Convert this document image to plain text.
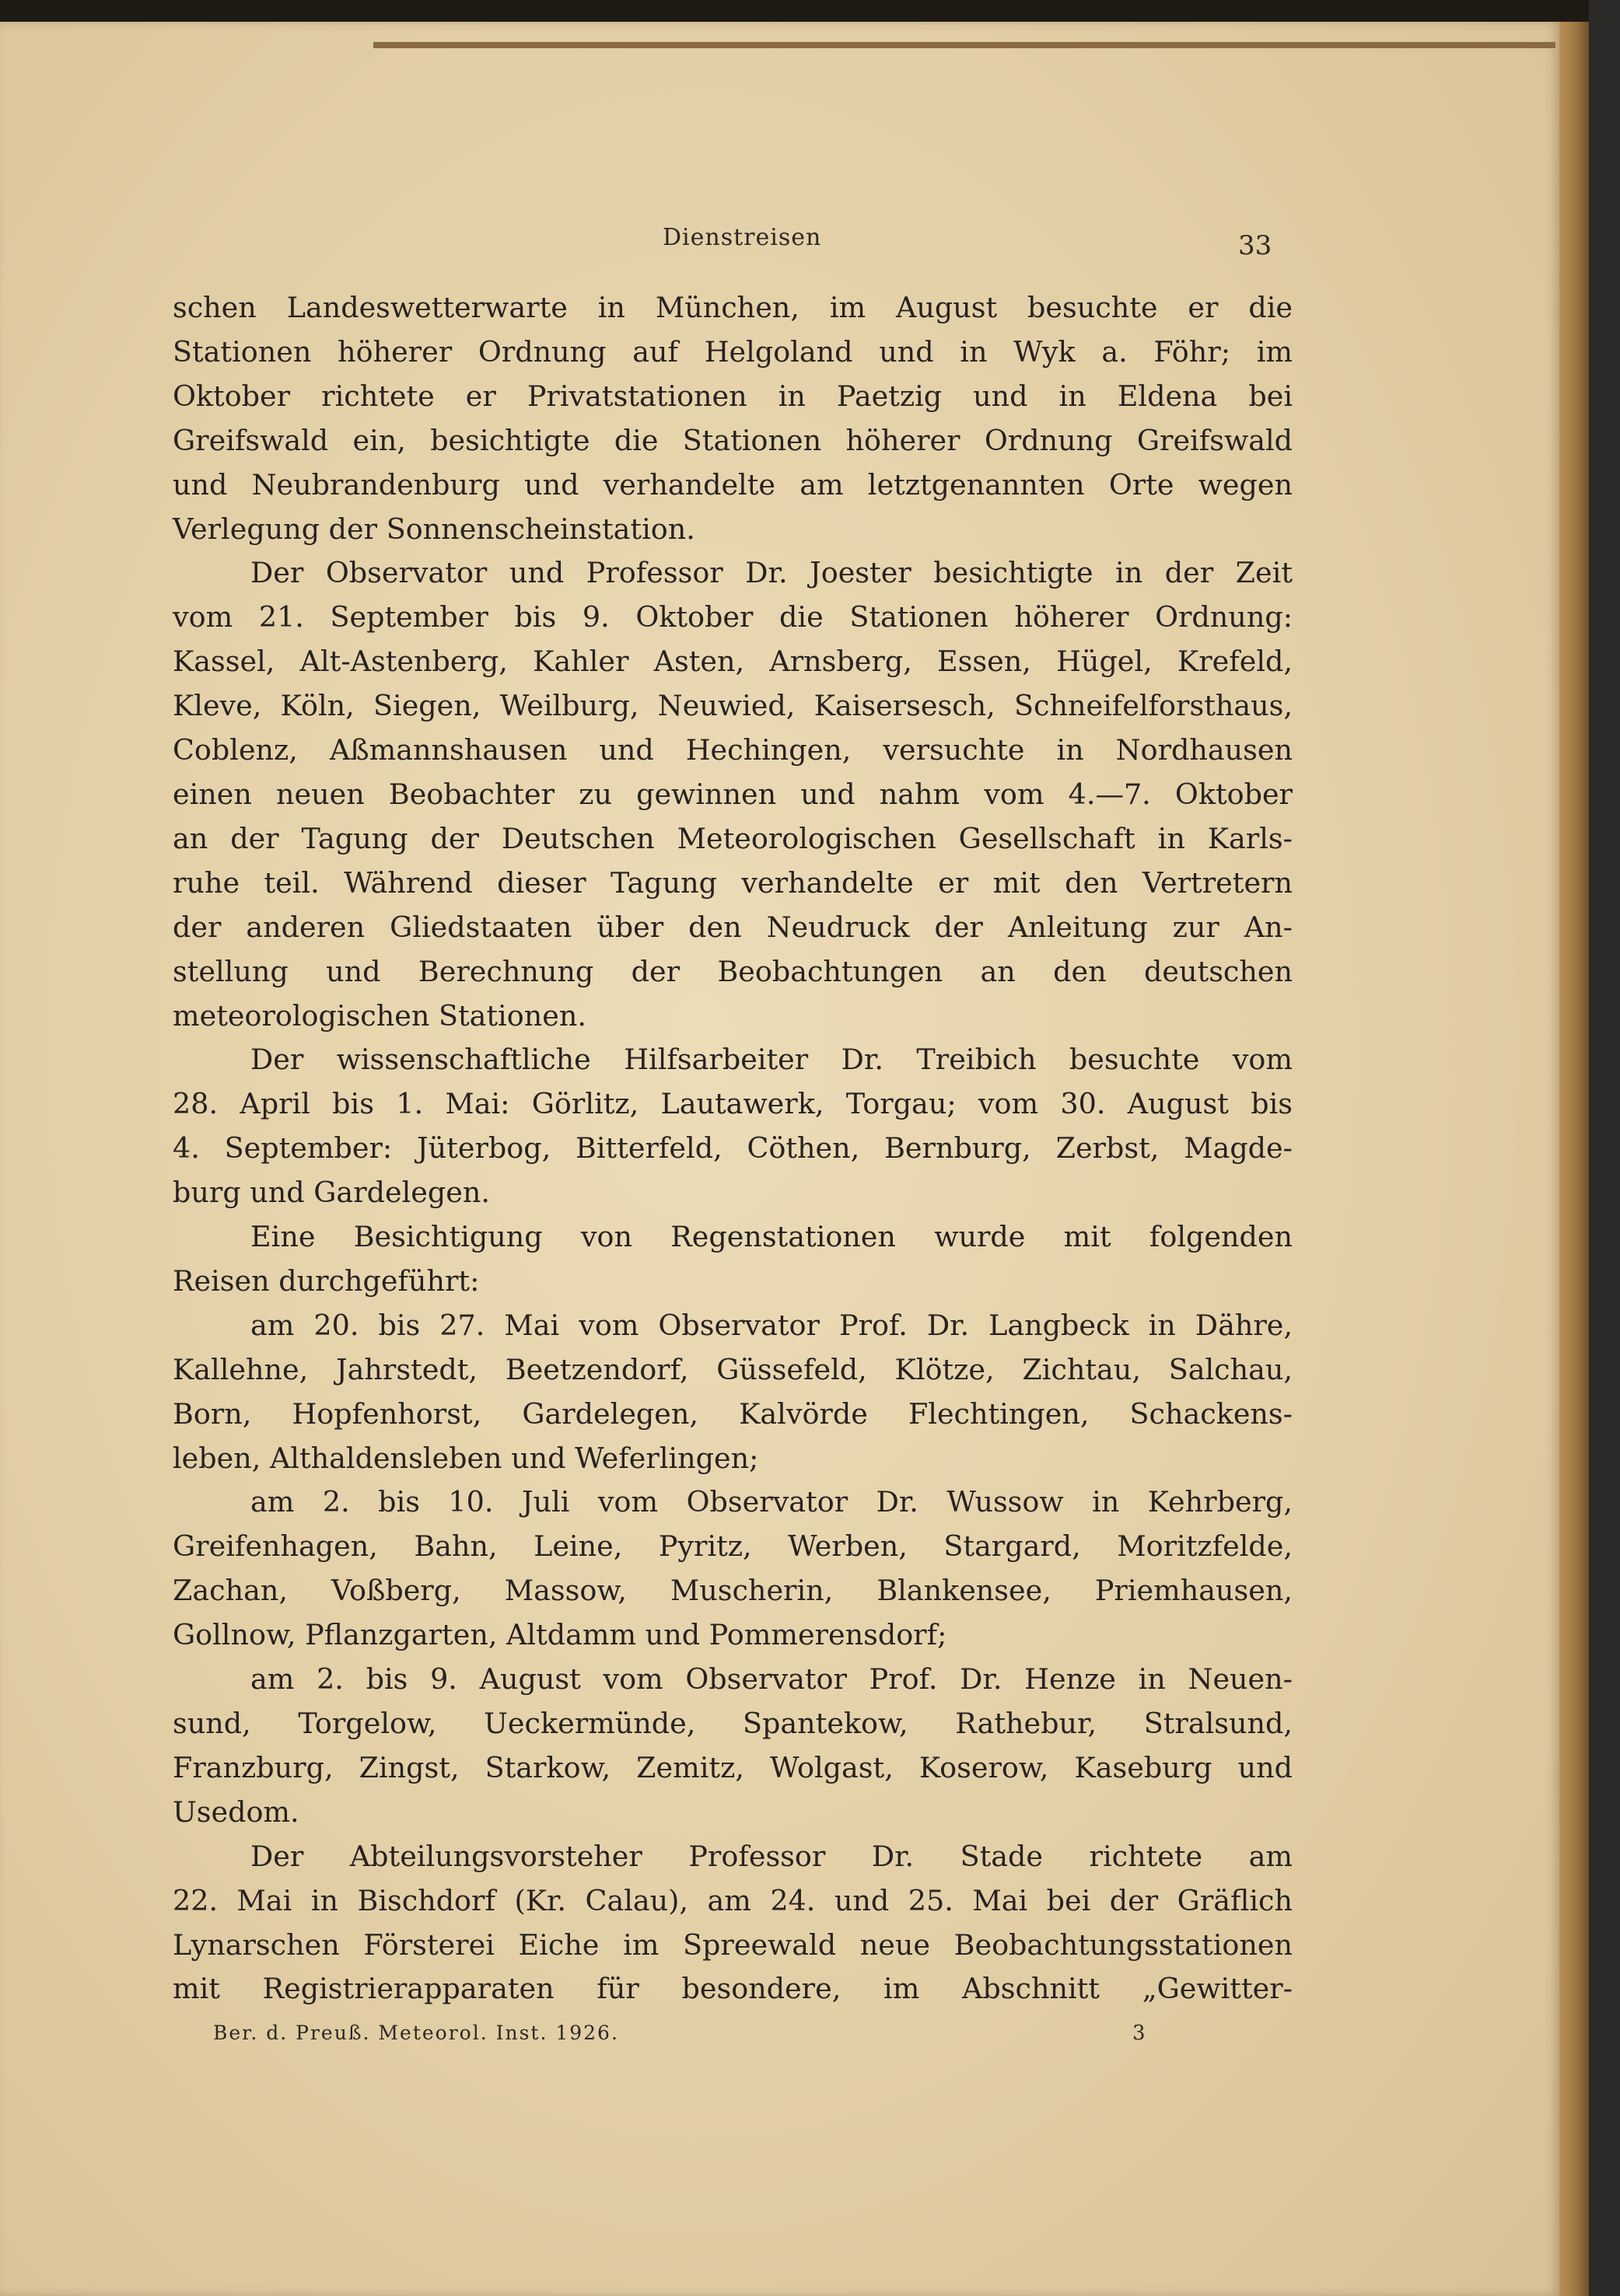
Dienstreisen	33

schen Landeswetterwarte in München, im August besuchte er die

Stationen höherer Ordnung auf Helgoland und in Wyk a. Föhr; im

Oktober richtete er Privatstationen in Paetzig und in Eldena bei

Greifswald ein, besichtigte die Stationen höherer Ordnung Greifswald

und Neubrandenburg und verhandelte am letztgenannten Orte wegen

Verlegung der Sonnenscheinstation.

Der Observator und Professor Dr. Joester besichtigte in der Zeit

vom 21. September bis 9. Oktober die Stationen höherer Ordnung:

Kassel, Alt-Astenberg, Kahler Asten, Arnsberg, Essen, Hügel, Krefeld,

Kleve, Köln, Siegen, Weilburg, Neuwied, Kaisersesch, Schneifelforsthaus,

Coblenz, Aßmannshausen und Hechingen, versuchte in Nordhausen

einen neuen Beobachter zu gewinnen und nahm vom 4.—7. Oktober

an der Tagung der Deutschen Meteorologischen Gesellschaft in Karls-

ruhe teil. Während dieser Tagung verhandelte er mit den Vertretern

der anderen Gliedstaaten über den Neudruck der Anleitung zur An-

stellung und Berechnung der Beobachtungen an den deutschen

meteorologischen Stationen.

Der wissenschaftliche Hilfsarbeiter Dr. Treibich besuchte vom

28. April bis 1. Mai: Görlitz, Lautawerk, Torgau; vom 30. August bis

4. September: Jüterbog, Bitterfeld, Cöthen, Bernburg, Zerbst, Magde-

burg und Gardelegen.

Eine Besichtigung von Regenstationen wurde mit folgenden

Reisen durchgeführt:

am 20. bis 27. Mai vom Observator Prof. Dr. Langbeck in Dähre,

Kallehne, Jahrstedt, Beetzendorf, Güssefeld, Klötze, Zichtau, Salchau,

Born, Hopfenhorst, Gardelegen, Kalvörde Flechtingen, Schackens-

leben, Althaldensleben und Weferlingen;

am 2. bis 10. Juli vom Observator Dr. Wussow in Kehrberg,

Greifenhagen, Bahn, Leine, Pyritz, Werben, Stargard, Moritzfelde,

Zachan, Voßberg, Massow, Muscherin, Blankensee, Priemhausen,

Gollnow, Pflanzgarten, Altdamm und Pommerensdorf;

am 2. bis 9. August vom Observator Prof. Dr. Henze in Neuen-

sund, Torgelow, Ueckermünde, Spantekow, Rathebur, Stralsund,

Franzburg, Zingst, Starkow, Zemitz, Wolgast, Koserow, Kaseburg und

Usedom.

Der Abteilungsvorsteher Professor Dr. Stade richtete am

22. Mai in Bischdorf (Kr. Calau), am 24. und 25. Mai bei der Gräflich

Lynarschen Försterei Eiche im Spreewald neue Beobachtungsstationen

mit Registrierapparaten für besondere, im Abschnitt „Gewitter-

Ber. d. Preuß. Meteorol. Inst. 1926.	3
